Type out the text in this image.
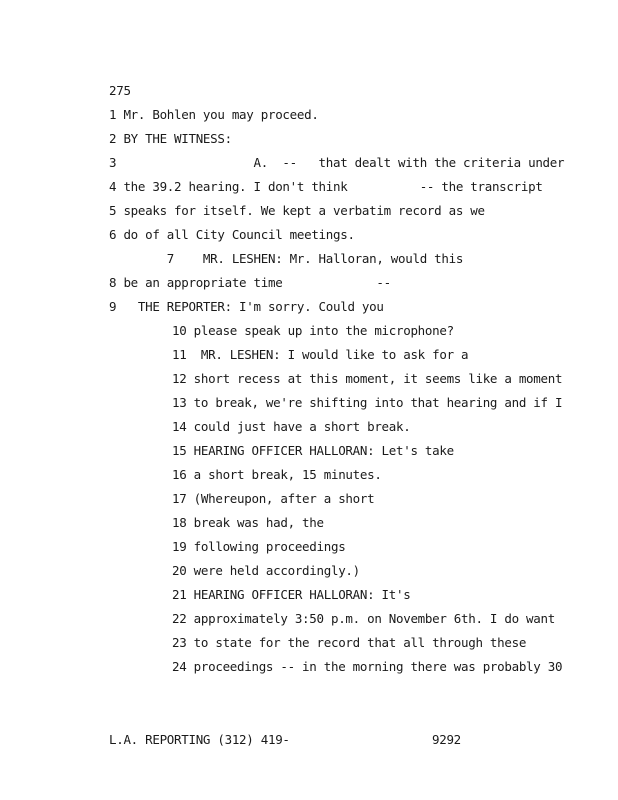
275
1 Mr. Bohlen you may proceed.
2 BY THE WITNESS:
3                   A.  --   that dealt with the criteria under
4 the 39.2 hearing. I don't think          -- the transcript
5 speaks for itself. We kept a verbatim record as we
6 do of all City Council meetings.
7    MR. LESHEN: Mr. Halloran, would this
8 be an appropriate time             --
9   THE REPORTER: I'm sorry. Could you
10 please speak up into the microphone?
11  MR. LESHEN: I would like to ask for a
12 short recess at this moment, it seems like a moment
13 to break, we're shifting into that hearing and if I
14 could just have a short break.
15 HEARING OFFICER HALLORAN: Let's take
16 a short break, 15 minutes.
17 (Whereupon, after a short
18 break was had, the
19 following proceedings
20 were held accordingly.)
21 HEARING OFFICER HALLORAN: It's
22 approximately 3:50 p.m. on November 6th. I do want
23 to state for the record that all through these
24 proceedings -- in the morning there was probably 30
L.A. REPORTING (312) 419-	9292
